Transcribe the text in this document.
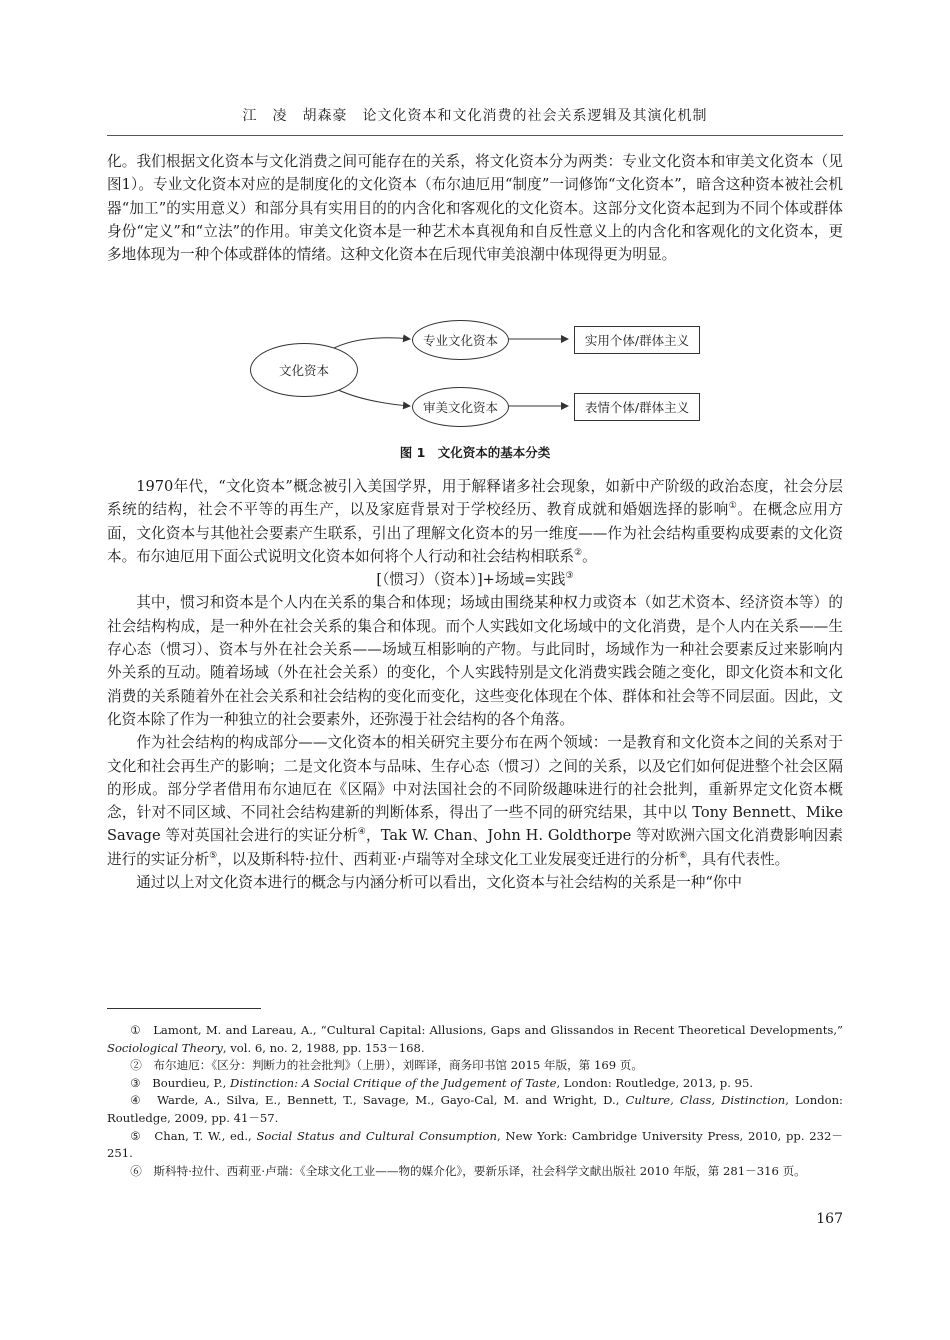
江　凌　胡森豪　论文化资本和文化消费的社会关系逻辑及其演化机制

化。我们根据文化资本与文化消费之间可能存在的关系，将文化资本分为两类：专业文化资本和审美文化资本（见图1）。专业文化资本对应的是制度化的文化资本（布尔迪厄用“制度”一词修饰“文化资本”，暗含这种资本被社会机器“加工”的实用意义）和部分具有实用目的的内含化和客观化的文化资本。这部分文化资本起到为不同个体或群体身份“定义”和“立法”的作用。审美文化资本是一种艺术本真视角和自反性意义上的内含化和客观化的文化资本，更多地体现为一种个体或群体的情绪。这种文化资本在后现代审美浪潮中体现得更为明显。

文化资本
专业文化资本
审美文化资本
实用个体/群体主义
表情个体/群体主义
图 1　文化资本的基本分类

1970年代，“文化资本”概念被引入美国学界，用于解释诸多社会现象，如新中产阶级的政治态度，社会分层系统的结构，社会不平等的再生产，以及家庭背景对于学校经历、教育成就和婚姻选择的影响①。在概念应用方面，文化资本与其他社会要素产生联系，引出了理解文化资本的另一维度——作为社会结构重要构成要素的文化资本。布尔迪厄用下面公式说明文化资本如何将个人行动和社会结构相联系②。

[（惯习）（资本）]+场域=实践③

其中，惯习和资本是个人内在关系的集合和体现；场域由围绕某种权力或资本（如艺术资本、经济资本等）的社会结构构成，是一种外在社会关系的集合和体现。而个人实践如文化场域中的文化消费，是个人内在关系——生存心态（惯习）、资本与外在社会关系——场域互相影响的产物。与此同时，场域作为一种社会要素反过来影响内外关系的互动。随着场域（外在社会关系）的变化，个人实践特别是文化消费实践会随之变化，即文化资本和文化消费的关系随着外在社会关系和社会结构的变化而变化，这些变化体现在个体、群体和社会等不同层面。因此，文化资本除了作为一种独立的社会要素外，还弥漫于社会结构的各个角落。

作为社会结构的构成部分——文化资本的相关研究主要分布在两个领域：一是教育和文化资本之间的关系对于文化和社会再生产的影响；二是文化资本与品味、生存心态（惯习）之间的关系，以及它们如何促进整个社会区隔的形成。部分学者借用布尔迪厄在《区隔》中对法国社会的不同阶级趣味进行的社会批判，重新界定文化资本概念，针对不同区域、不同社会结构建新的判断体系，得出了一些不同的研究结果，其中以 Tony Bennett、Mike Savage 等对英国社会进行的实证分析④，Tak W. Chan、John H. Goldthorpe 等对欧洲六国文化消费影响因素进行的实证分析⑤，以及斯科特·拉什、西莉亚·卢瑞等对全球文化工业发展变迁进行的分析⑥，具有代表性。

通过以上对文化资本进行的概念与内涵分析可以看出，文化资本与社会结构的关系是一种“你中

①　 Lamont, M. and Lareau, A., “Cultural Capital: Allusions, Gaps and Glissandos in Recent Theoretical Developments,” Sociological Theory, vol. 6, no. 2, 1988, pp. 153－168.

②　 布尔迪厄：《区分：判断力的社会批判》（上册），刘晖译，商务印书馆 2015 年版，第 169 页。

③　 Bourdieu, P., Distinction: A Social Critique of the Judgement of Taste, London: Routledge, 2013, p. 95.

④　 Warde, A., Silva, E., Bennett, T., Savage, M., Gayo-Cal, M. and Wright, D., Culture, Class, Distinction, London: Routledge, 2009, pp. 41－57.

⑤　 Chan, T. W., ed., Social Status and Cultural Consumption, New York: Cambridge University Press, 2010, pp. 232－251.

⑥　 斯科特·拉什、西莉亚·卢瑞：《全球文化工业——物的媒介化》，要新乐译，社会科学文献出版社 2010 年版，第 281－316 页。

167
